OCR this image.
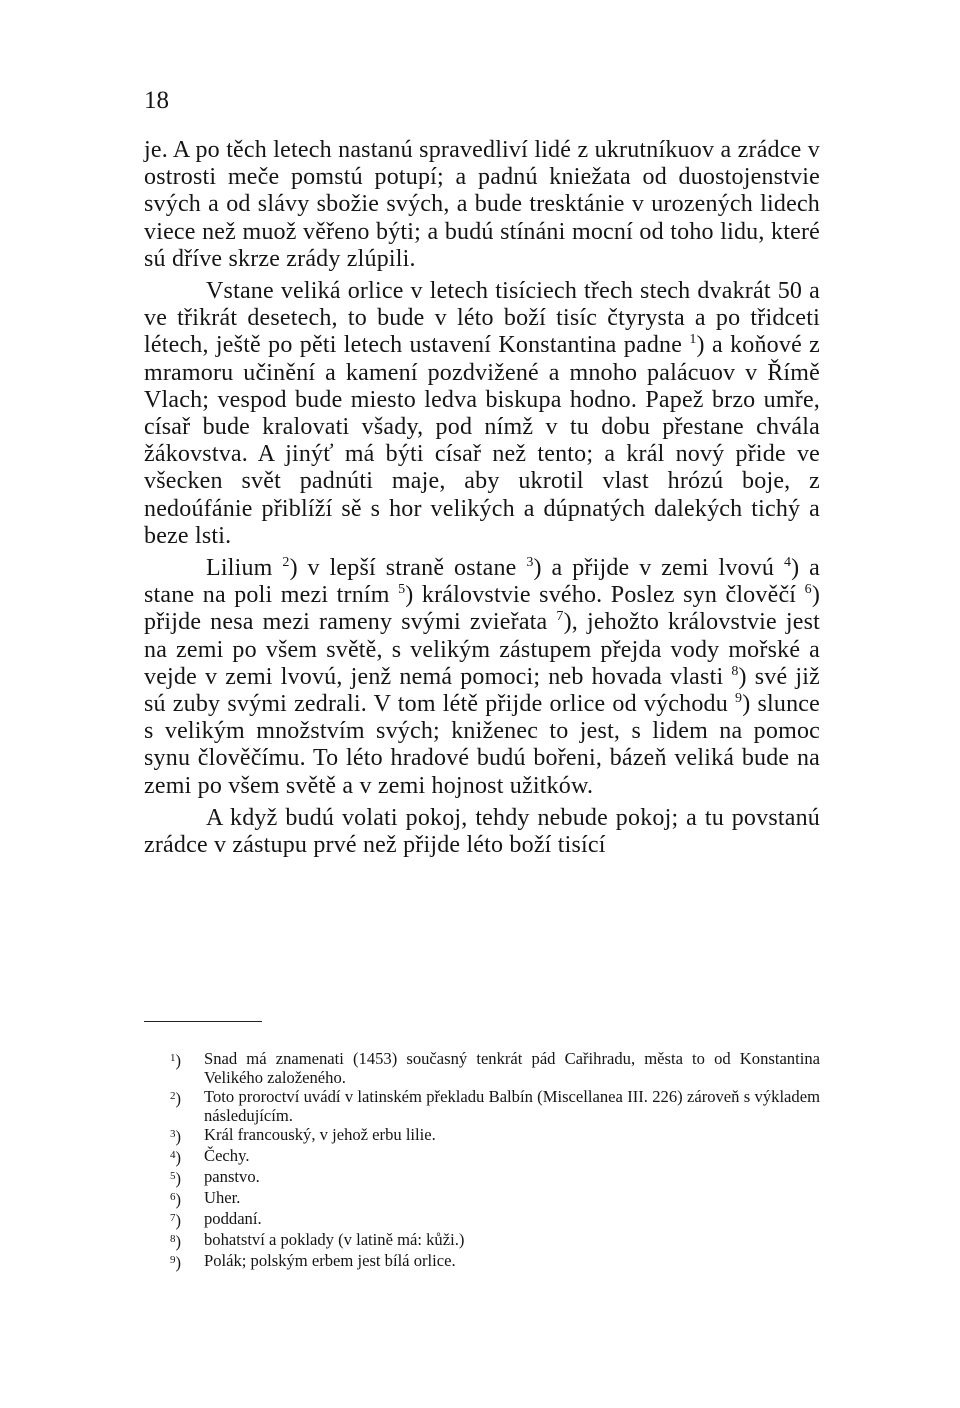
18

je. A po těch letech nastanú spravedliví lidé z ukrutníkuov a zrádce v ostrosti meče pomstú potupí; a padnú kniežata od duostojenstvie svých a od slávy sbožie svých, a bude tresktánie v urozených lidech viece než muož věřeno býti; a budú stínáni mocní od toho lidu, které sú dříve skrze zrády zlúpili.

Vstane veliká orlice v letech tisíciech třech stech dvakrát 50 a ve třikrát desetech, to bude v léto boží tisíc čtyrysta a po třidceti létech, ještě po pěti letech ustavení Konstantina padne $^1$) a koňové z mramoru učinění a kamení pozdvižené a mnoho palácuov v Římě Vlach; vespod bude miesto ledva biskupa hodno. Papež brzo umře, císař bude kralovati všady, pod nímž v tu dobu přestane chvála žákovstva. A jinýť má býti císař než tento; a král nový přide ve všecken svět padnúti maje, aby ukrotil vlast hrózú boje, z nedoúfánie přiblíží sě s hor velikých a dúpnatých dalekých tichý a beze lsti.

Lilium $^2$) v lepší straně ostane $^3$) a přijde v zemi lvovú $^4$) a stane na poli mezi trním $^5$) královstvie svého. Poslez syn člověčí $^6$) přijde nesa mezi rameny svými zvieřata $^7$), jehožto královstvie jest na zemi po všem světě, s velikým zástupem přejda vody mořské a vejde v zemi lvovú, jenž nemá pomoci; neb hovada vlasti $^8$) své již sú zuby svými zedrali. V tom létě přijde orlice od východu $^9$) slunce s velikým množstvím svých; kniženec to jest, s lidem na pomoc synu člověčímu. To léto hradové budú bořeni, bázeň veliká bude na zemi po všem světě a v zemi hojnost užitków.

A když budú volati pokoj, tehdy nebude pokoj; a tu povstanú zrádce v zástupu prvé než přijde léto boží tisící

$^1$)	Snad má znamenati (1453) současný tenkrát pád Cařihradu, města to od Konstantina Velikého založeného.
$^2$)	Toto proroctví uvádí v latinském překladu Balbín (Miscellanea III. 226) zároveň s výkladem následujícím.
$^3$)	Král francouský, v jehož erbu lilie.
$^4$)	Čechy.
$^5$)	panstvo.
$^6$)	Uher.
$^7$)	poddaní.
$^8$)	bohatství a poklady (v latině má: kůži.)
$^9$)	Polák; polským erbem jest bílá orlice.
